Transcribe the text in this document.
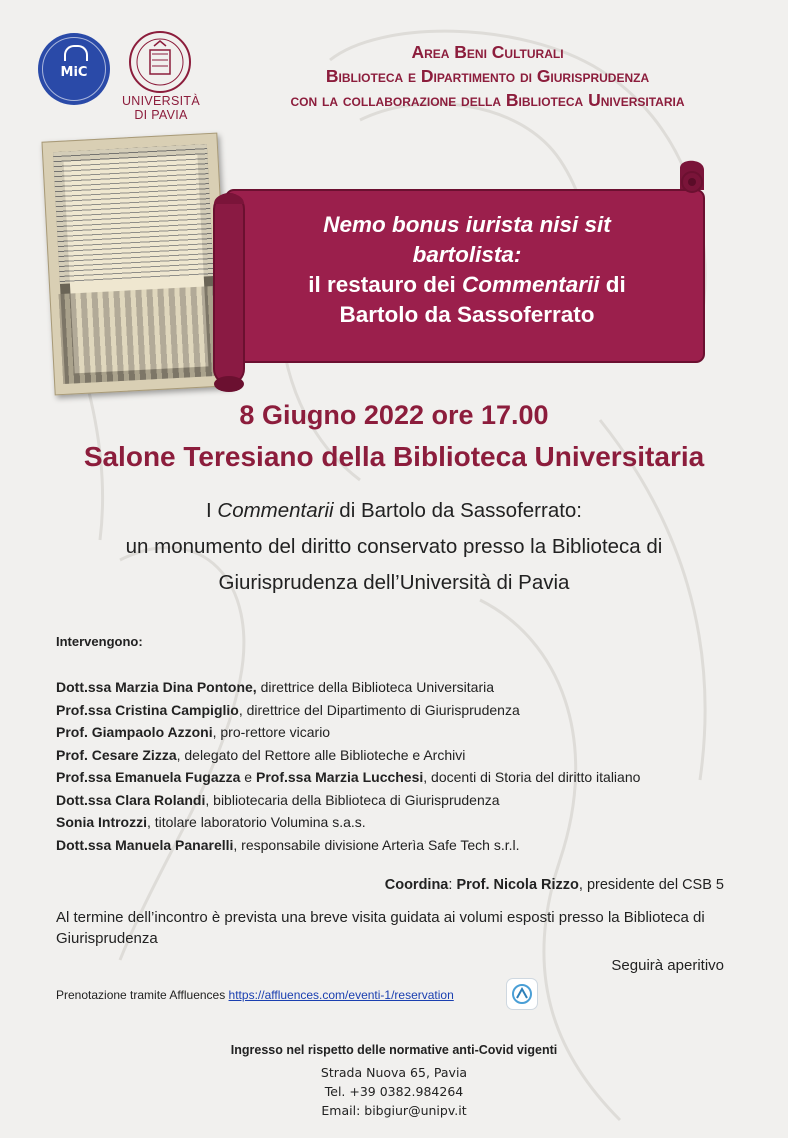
MiC
UNIVERSITÀ
DI PAVIA
Area Beni Culturali
Biblioteca e Dipartimento di Giurisprudenza
con la collaborazione della Biblioteca Universitaria
Nemo bonus iurista nisi sit
bartolista:
il restauro dei Commentarii di
Bartolo da Sassoferrato
8 Giugno 2022 ore 17.00
Salone Teresiano della Biblioteca Universitaria
I Commentarii di Bartolo da Sassoferrato:
un monumento del diritto conservato presso la Biblioteca di
Giurisprudenza dell’Università di Pavia
Intervengono:
Dott.ssa Marzia Dina Pontone, direttrice della Biblioteca Universitaria
Prof.ssa Cristina Campiglio, direttrice del Dipartimento di Giurisprudenza
Prof. Giampaolo Azzoni, pro-rettore vicario
Prof. Cesare Zizza, delegato del Rettore alle Biblioteche e Archivi
Prof.ssa Emanuela Fugazza e Prof.ssa Marzia Lucchesi, docenti di Storia del diritto italiano
Dott.ssa Clara Rolandi, bibliotecaria della Biblioteca di Giurisprudenza
Sonia Introzzi, titolare laboratorio Volumina s.a.s.
Dott.ssa Manuela Panarelli, responsabile divisione Arterìa Safe Tech s.r.l.
Coordina: Prof. Nicola Rizzo, presidente del CSB 5
Al termine dell’incontro è prevista una breve visita guidata ai volumi esposti presso la Biblioteca di Giurisprudenza
Seguirà aperitivo
Prenotazione tramite Affluences https://affluences.com/eventi-1/reservation
Ingresso nel rispetto delle normative anti-Covid vigenti
Strada Nuova 65, Pavia
Tel. +39 0382.984264
Email: bibgiur@unipv.it
